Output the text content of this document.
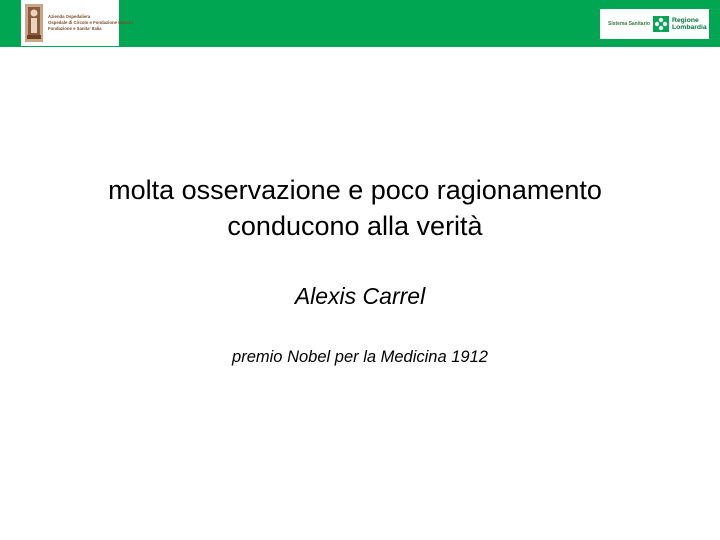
Azienda Ospedaliera
Ospedale di Circolo e Fondazione Macchi
Fondazione e Sanita' Italia
Sistema Sanitario
Regione
Lombardia
molta osservazione e poco ragionamento
conducono alla verità

Alexis Carrel

premio Nobel per la Medicina 1912
